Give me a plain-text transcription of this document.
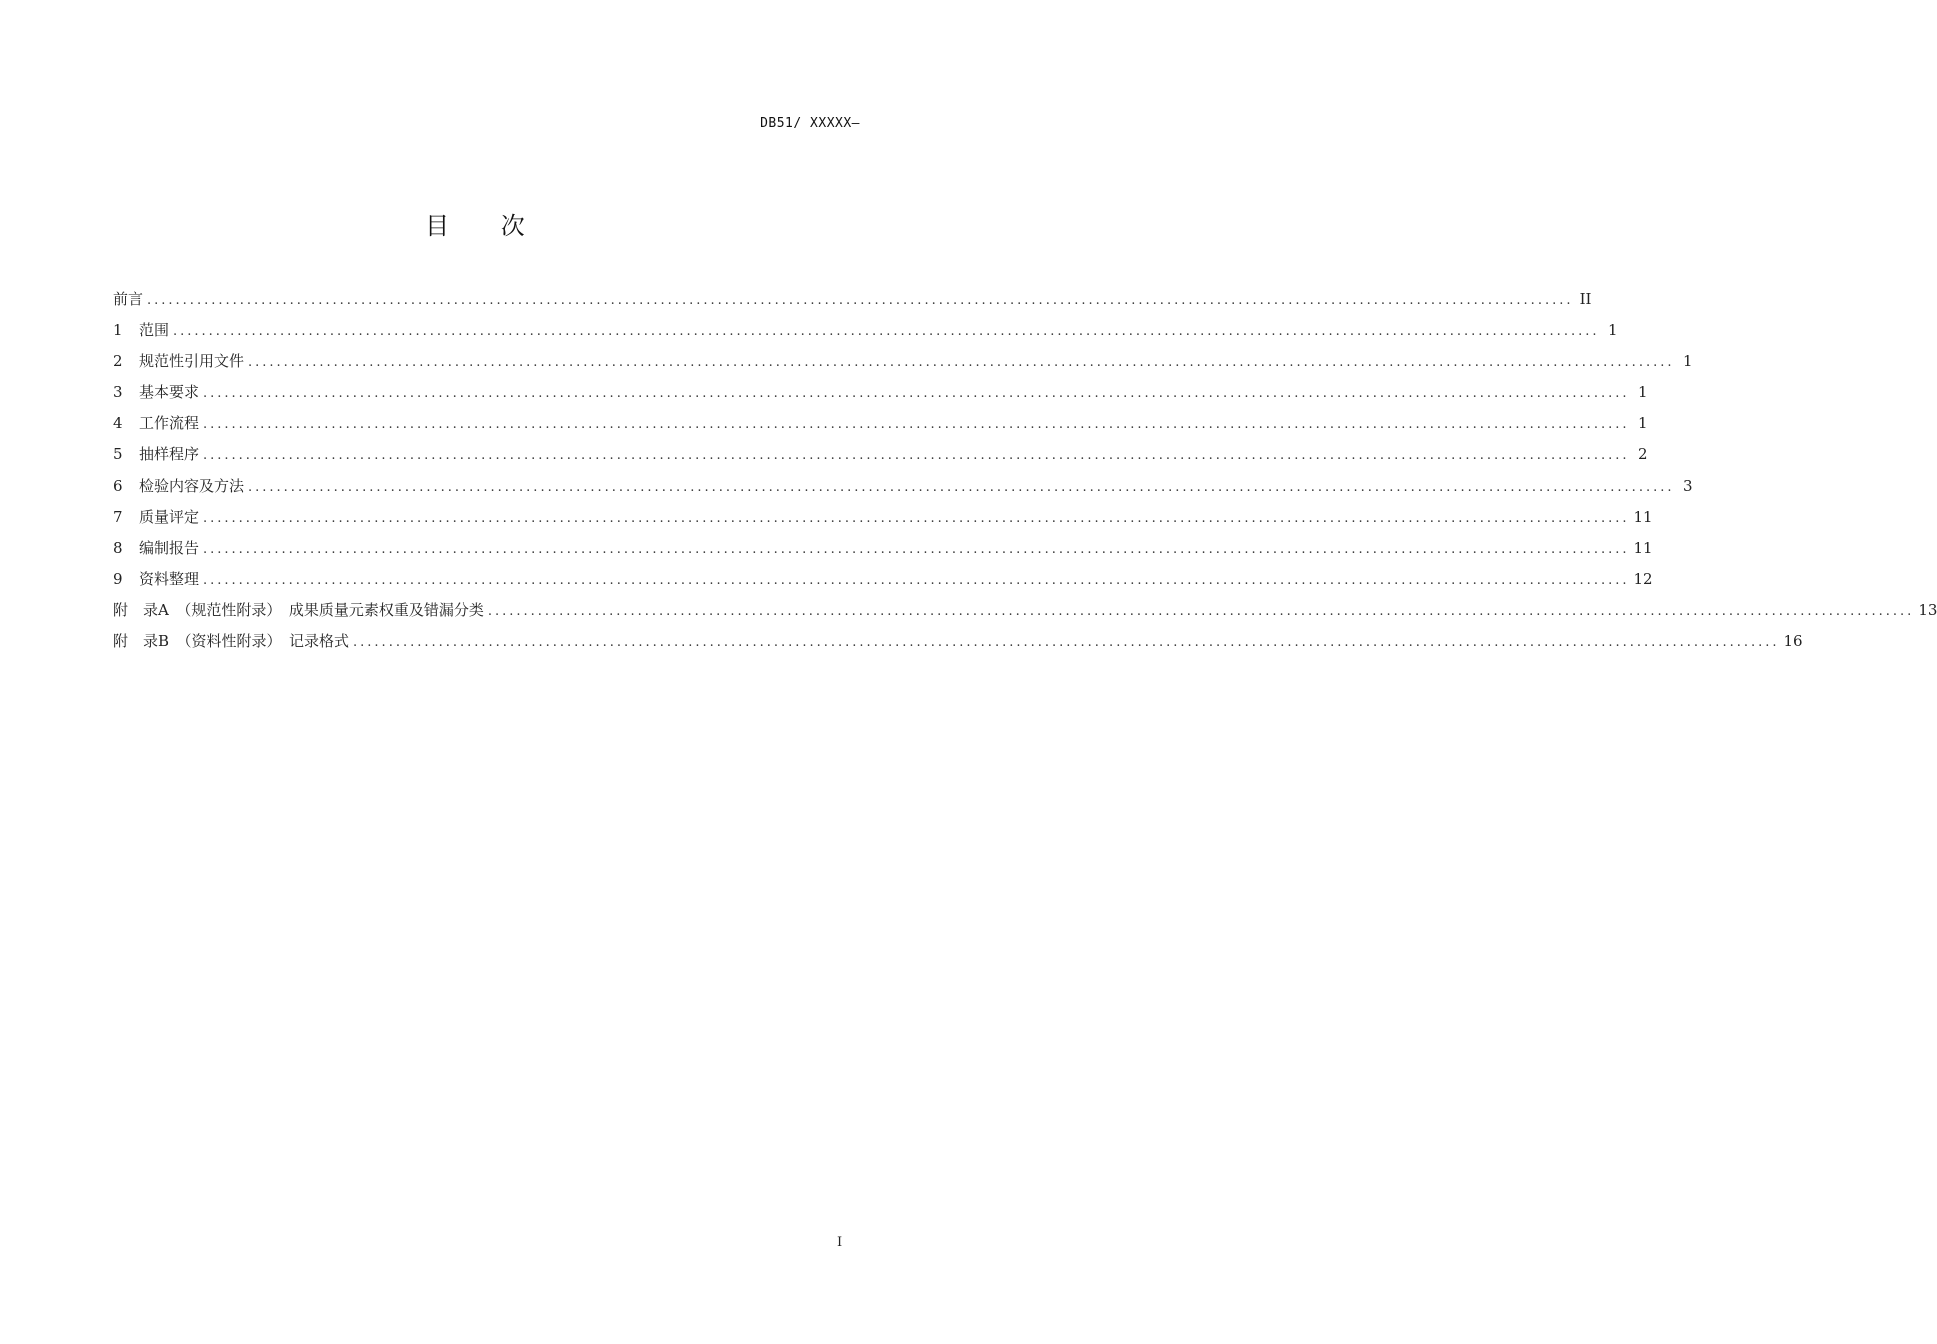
DB51/ XXXXX—
目 次
前言 ........................................................................................................................................................................................................ II
1	范围 ........................................................................................................................................................................................................ 1
2	规范性引用文件 ........................................................................................................................................................................................................ 1
3	基本要求 ........................................................................................................................................................................................................ 1
4	工作流程 ........................................................................................................................................................................................................ 1
5	抽样程序 ........................................................................................................................................................................................................ 2
6	检验内容及方法 ........................................................................................................................................................................................................ 3
7	质量评定 ........................................................................................................................................................................................................ 11
8	编制报告 ........................................................................................................................................................................................................ 11
9	资料整理 ........................................................................................................................................................................................................ 12
附　录A　（规范性附录）　成果质量元素权重及错漏分类 ........................................................................................................................................................................................................ 13
附　录B　（资料性附录）　记录格式 ........................................................................................................................................................................................................ 16
I
